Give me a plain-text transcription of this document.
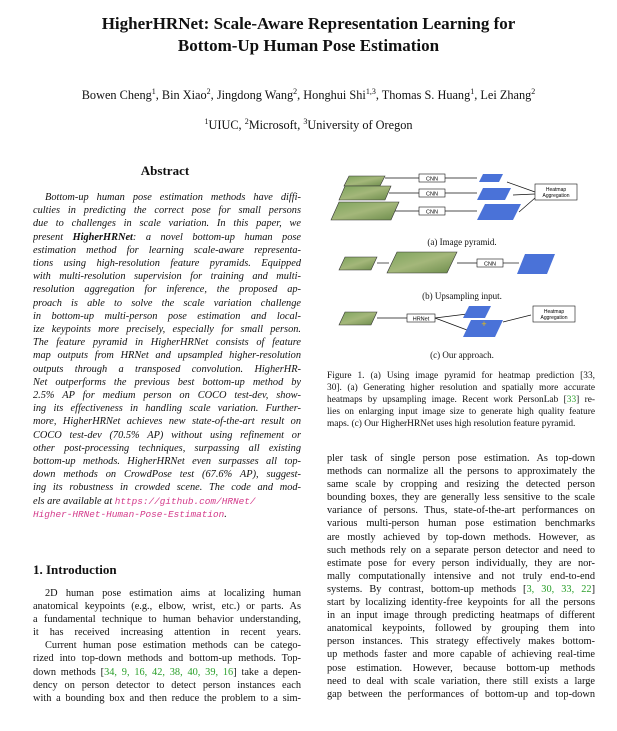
HigherHRNet: Scale-Aware Representation Learning for
Bottom-Up Human Pose Estimation
Bowen Cheng$^1$, Bin Xiao$^2$, Jingdong Wang$^2$, Honghui Shi$^{1,3}$, Thomas S. Huang$^1$, Lei Zhang$^2$
$^1$UIUC, $^2$Microsoft, $^3$University of Oregon
Abstract
Bottom-up human pose estimation methods have diffi-
culties in predicting the correct pose for small persons
due to challenges in scale variation. In this paper, we
present HigherHRNet: a novel bottom-up human pose
estimation method for learning scale-aware representa-
tions using high-resolution feature pyramids. Equipped
with multi-resolution supervision for training and multi-
resolution aggregation for inference, the proposed ap-
proach is able to solve the scale variation challenge
in bottom-up multi-person pose estimation and local-
ize keypoints more precisely, especially for small person.
The feature pyramid in HigherHRNet consists of feature
map outputs from HRNet and upsampled higher-resolution
outputs through a transposed convolution. HigherHR-
Net outperforms the previous best bottom-up method by
2.5% AP for medium person on COCO test-dev, show-
ing its effectiveness in handling scale variation. Further-
more, HigherHRNet achieves new state-of-the-art result on
COCO test-dev (70.5% AP) without using refinement or
other post-processing techniques, surpassing all existing
bottom-up methods. HigherHRNet even surpasses all top-
down methods on CrowdPose test (67.6% AP), suggest-
ing its robustness in crowded scene. The code and mod-
els are available at https://github.com/HRNet/
Higher-HRNet-Human-Pose-Estimation.
1. Introduction
2D human pose estimation aims at localizing human
anatomical keypoints (e.g., elbow, wrist, etc.) or parts. As
a fundamental technique to human behavior understanding,
it has received increasing attention in recent years.
Current human pose estimation methods can be catego-
rized into top-down methods and bottom-up methods. Top-
down methods [34, 9, 16, 42, 38, 40, 39, 16] take a depen-
dency on person detector to detect person instances each
with a bounding box and then reduce the problem to a sim-
pler task of single person pose estimation. As top-down
methods can normalize all the persons to approximately the
same scale by cropping and resizing the detected person
bounding boxes, they are generally less sensitive to the scale
variance of persons. Thus, state-of-the-art performances on
various multi-person human pose estimation benchmarks
are mostly achieved by top-down methods. However, as
such methods rely on a separate person detector and need to
estimate pose for every person individually, they are nor-
mally computationally intensive and not truly end-to-end
systems. By contrast, bottom-up methods [3, 30, 33, 22]
start by localizing identity-free keypoints for all the persons
in an input image through predicting heatmaps of different
anatomical keypoints, followed by grouping them into
person instances. This strategy effectively makes bottom-
up methods faster and more capable of achieving real-time
pose estimation. However, because bottom-up methods
need to deal with scale variation, there still exists a large
gap between the performances of bottom-up and top-down
CNN
CNN
CNN
Heatmap
Aggregation
CNN
HRNet	+
Heatmap
Aggregation
(a) Image pyramid.
(b) Upsampling input.
(c) Our approach.
Figure 1. (a) Using image pyramid for heatmap prediction [33,
30]. (a) Generating higher resolution and spatially more accurate
heatmaps by upsampling image. Recent work PersonLab [33] re-
lies on enlarging input image size to generate high quality feature
maps. (c) Our HigherHRNet uses high resolution feature pyramid.
